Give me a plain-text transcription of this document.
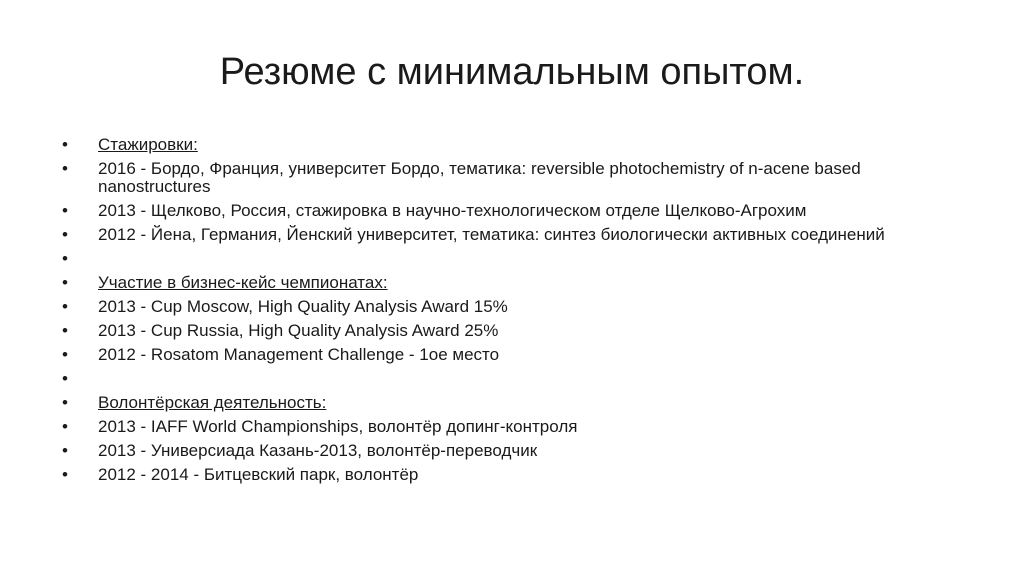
Резюме с минимальным опытом.
•	Стажировки:
•	2016 - Бордо, Франция, университет Бордо, тематика: reversible photochemistry of n-acene based nanostructures
•	2013 - Щелково, Россия, стажировка в научно-технологическом отделе Щелково-Агрохим
•	2012 - Йена, Германия, Йенский университет, тематика: синтез биологически активных соединений
•
•	Участие в бизнес-кейс чемпионатах:
•	2013 - Cup Moscow, High Quality Analysis Award 15%
•	2013 - Cup Russia, High Quality Analysis Award 25%
•	2012 - Rosatom Management Challenge - 1ое место
•
•	Волонтёрская деятельность:
•	2013 - IAFF World Championships, волонтёр допинг-контроля
•	2013 - Универсиада Казань-2013, волонтёр-переводчик
•	2012 - 2014 - Битцевский парк, волонтёр
